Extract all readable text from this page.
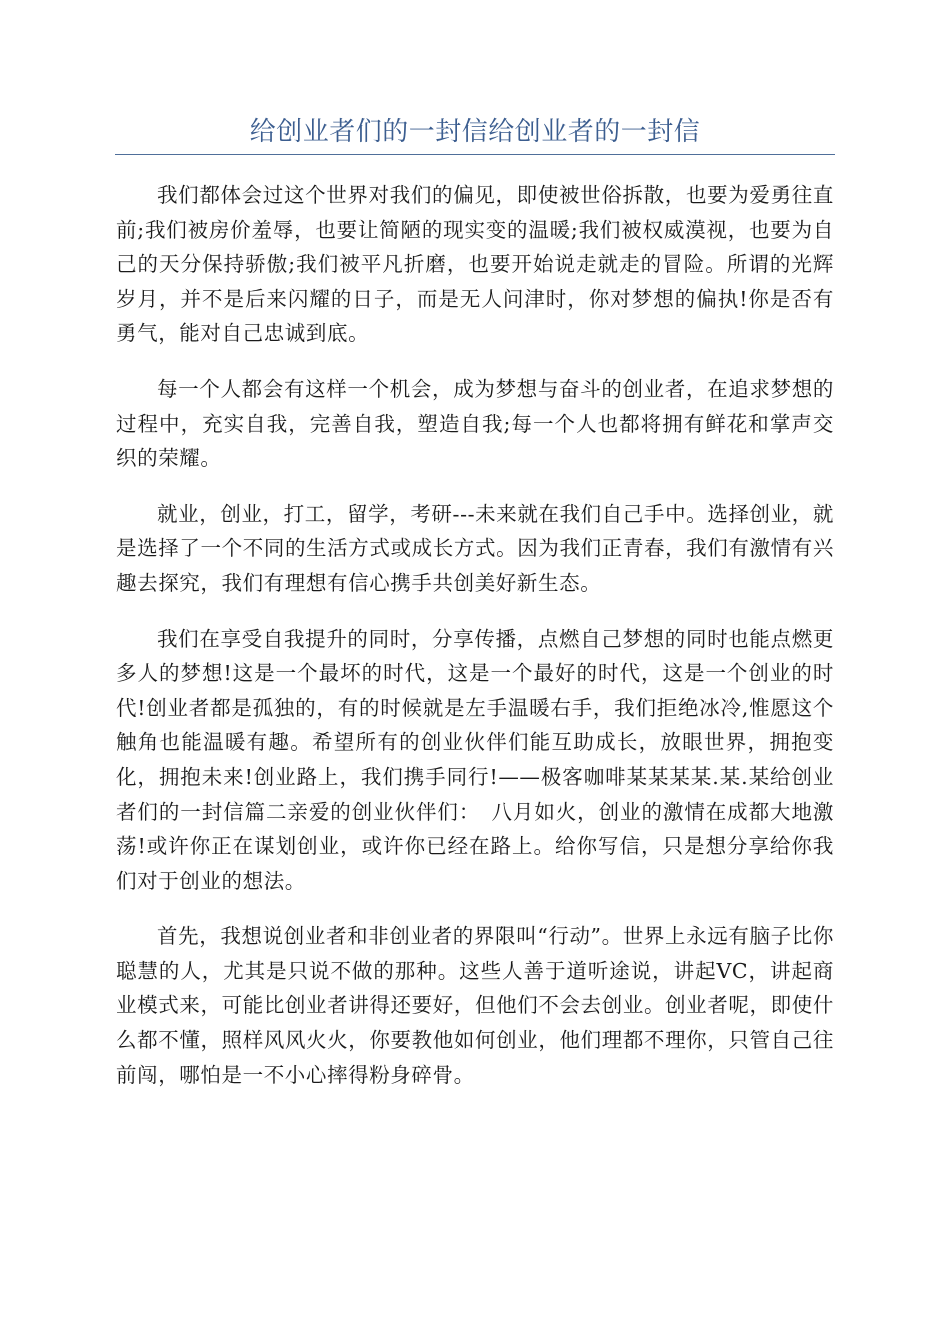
给创业者们的一封信给创业者的一封信

我们都体会过这个世界对我们的偏见，即使被世俗拆散，也要为爱勇往直前;我们被房价羞辱，也要让简陋的现实变的温暖;我们被权威漠视，也要为自己的天分保持骄傲;我们被平凡折磨，也要开始说走就走的冒险。所谓的光辉岁月，并不是后来闪耀的日子，而是无人问津时，你对梦想的偏执!你是否有勇气，能对自己忠诚到底。

每一个人都会有这样一个机会，成为梦想与奋斗的创业者，在追求梦想的过程中，充实自我，完善自我，塑造自我;每一个人也都将拥有鲜花和掌声交织的荣耀。

就业，创业，打工，留学，考研---未来就在我们自己手中。选择创业，就是选择了一个不同的生活方式或成长方式。因为我们正青春，我们有激情有兴趣去探究，我们有理想有信心携手共创美好新生态。

我们在享受自我提升的同时，分享传播，点燃自己梦想的同时也能点燃更多人的梦想!这是一个最坏的时代，这是一个最好的时代，这是一个创业的时代!创业者都是孤独的，有的时候就是左手温暖右手，我们拒绝冰冷,惟愿这个触角也能温暖有趣。希望所有的创业伙伴们能互助成长，放眼世界，拥抱变化，拥抱未来!创业路上，我们携手同行!——极客咖啡某某某某.某.某给创业者们的一封信篇二亲爱的创业伙伴们：　八月如火，创业的激情在成都大地激荡!或许你正在谋划创业，或许你已经在路上。给你写信，只是想分享给你我们对于创业的想法。

首先，我想说创业者和非创业者的界限叫“行动”。世界上永远有脑子比你聪慧的人，尤其是只说不做的那种。这些人善于道听途说，讲起VC，讲起商业模式来，可能比创业者讲得还要好，但他们不会去创业。创业者呢，即使什么都不懂，照样风风火火，你要教他如何创业，他们理都不理你，只管自己往前闯，哪怕是一不小心摔得粉身碎骨。
